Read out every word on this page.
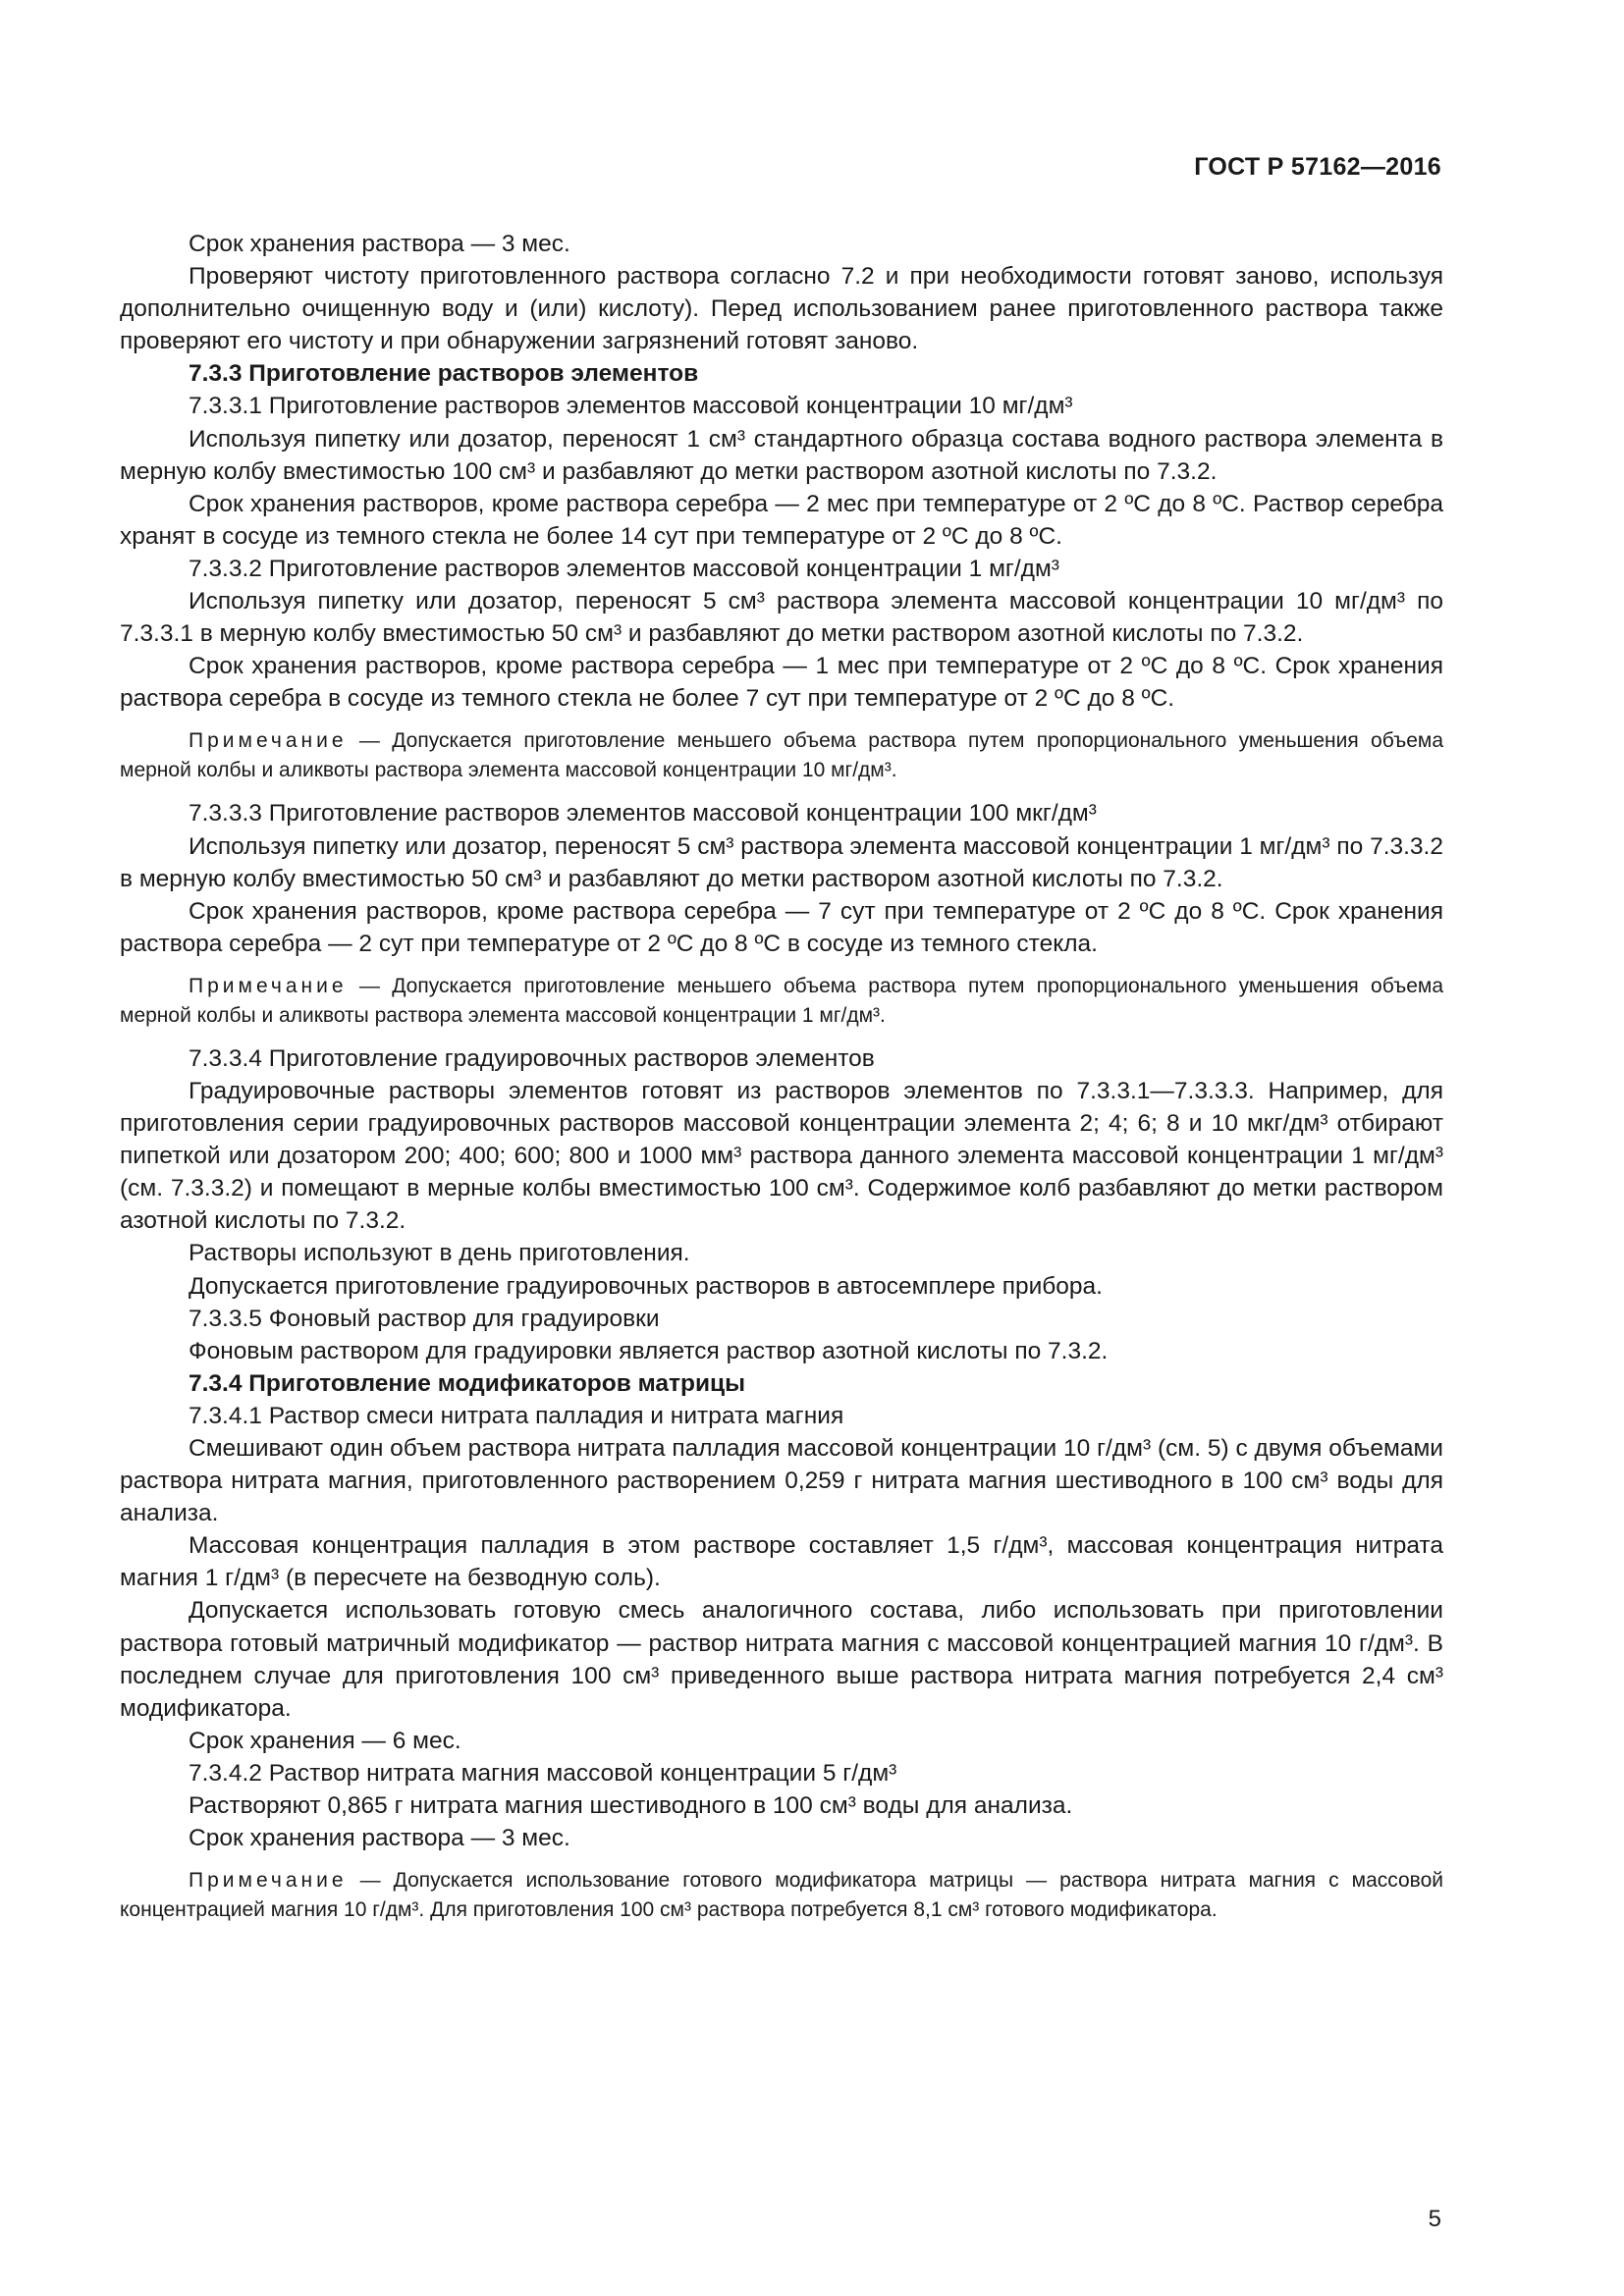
ГОСТ Р 57162—2016

Срок хранения раствора — 3 мес.

Проверяют чистоту приготовленного раствора согласно 7.2 и при необходимости готовят заново, используя дополнительно очищенную воду и (или) кислоту). Перед использованием ранее приготовленного раствора также проверяют его чистоту и при обнаружении загрязнений готовят заново.

7.3.3 Приготовление растворов элементов

7.3.3.1 Приготовление растворов элементов массовой концентрации 10 мг/дм³

Используя пипетку или дозатор, переносят 1 см³ стандартного образца состава водного раствора элемента в мерную колбу вместимостью 100 см³ и разбавляют до метки раствором азотной кислоты по 7.3.2.

Срок хранения растворов, кроме раствора серебра — 2 мес при температуре от 2 ºС до 8 ºС. Раствор серебра хранят в сосуде из темного стекла не более 14 сут при температуре от 2 ºС до 8 ºС.

7.3.3.2 Приготовление растворов элементов массовой концентрации 1 мг/дм³

Используя пипетку или дозатор, переносят 5 см³ раствора элемента массовой концентрации 10 мг/дм³ по 7.3.3.1 в мерную колбу вместимостью 50 см³ и разбавляют до метки раствором азотной кислоты по 7.3.2.

Срок хранения растворов, кроме раствора серебра — 1 мес при температуре от 2 ºС до 8 ºС. Срок хранения раствора серебра в сосуде из темного стекла не более 7 сут при температуре от 2 ºС до 8 ºС.

Примечание — Допускается приготовление меньшего объема раствора путем пропорционального уменьшения объема мерной колбы и аликвоты раствора элемента массовой концентрации 10 мг/дм³.

7.3.3.3 Приготовление растворов элементов массовой концентрации 100 мкг/дм³

Используя пипетку или дозатор, переносят 5 см³ раствора элемента массовой концентрации 1 мг/дм³ по 7.3.3.2 в мерную колбу вместимостью 50 см³ и разбавляют до метки раствором азотной кислоты по 7.3.2.

Срок хранения растворов, кроме раствора серебра — 7 сут при температуре от 2 ºС до 8 ºС. Срок хранения раствора серебра — 2 сут при температуре от 2 ºС до 8 ºС в сосуде из темного стекла.

Примечание — Допускается приготовление меньшего объема раствора путем пропорционального уменьшения объема мерной колбы и аликвоты раствора элемента массовой концентрации 1 мг/дм³.

7.3.3.4 Приготовление градуировочных растворов элементов

Градуировочные растворы элементов готовят из растворов элементов по 7.3.3.1—7.3.3.3. Например, для приготовления серии градуировочных растворов массовой концентрации элемента 2; 4; 6; 8 и 10 мкг/дм³ отбирают пипеткой или дозатором 200; 400; 600; 800 и 1000 мм³ раствора данного элемента массовой концентрации 1 мг/дм³ (см. 7.3.3.2) и помещают в мерные колбы вместимостью 100 см³. Содержимое колб разбавляют до метки раствором азотной кислоты по 7.3.2.

Растворы используют в день приготовления.

Допускается приготовление градуировочных растворов в автосемплере прибора.

7.3.3.5 Фоновый раствор для градуировки

Фоновым раствором для градуировки является раствор азотной кислоты по 7.3.2.

7.3.4 Приготовление модификаторов матрицы

7.3.4.1 Раствор смеси нитрата палладия и нитрата магния

Смешивают один объем раствора нитрата палладия массовой концентрации 10 г/дм³ (см. 5) с двумя объемами раствора нитрата магния, приготовленного растворением 0,259 г нитрата магния шестиводного в 100 см³ воды для анализа.

Массовая концентрация палладия в этом растворе составляет 1,5 г/дм³, массовая концентрация нитрата магния 1 г/дм³ (в пересчете на безводную соль).

Допускается использовать готовую смесь аналогичного состава, либо использовать при приготовлении раствора готовый матричный модификатор — раствор нитрата магния с массовой концентрацией магния 10 г/дм³. В последнем случае для приготовления 100 см³ приведенного выше раствора нитрата магния потребуется 2,4 см³ модификатора.

Срок хранения — 6 мес.

7.3.4.2 Раствор нитрата магния массовой концентрации 5 г/дм³

Растворяют 0,865 г нитрата магния шестиводного в 100 см³ воды для анализа.

Срок хранения раствора — 3 мес.

Примечание — Допускается использование готового модификатора матрицы — раствора нитрата магния с массовой концентрацией магния 10 г/дм³. Для приготовления 100 см³ раствора потребуется 8,1 см³ готового модификатора.

5
